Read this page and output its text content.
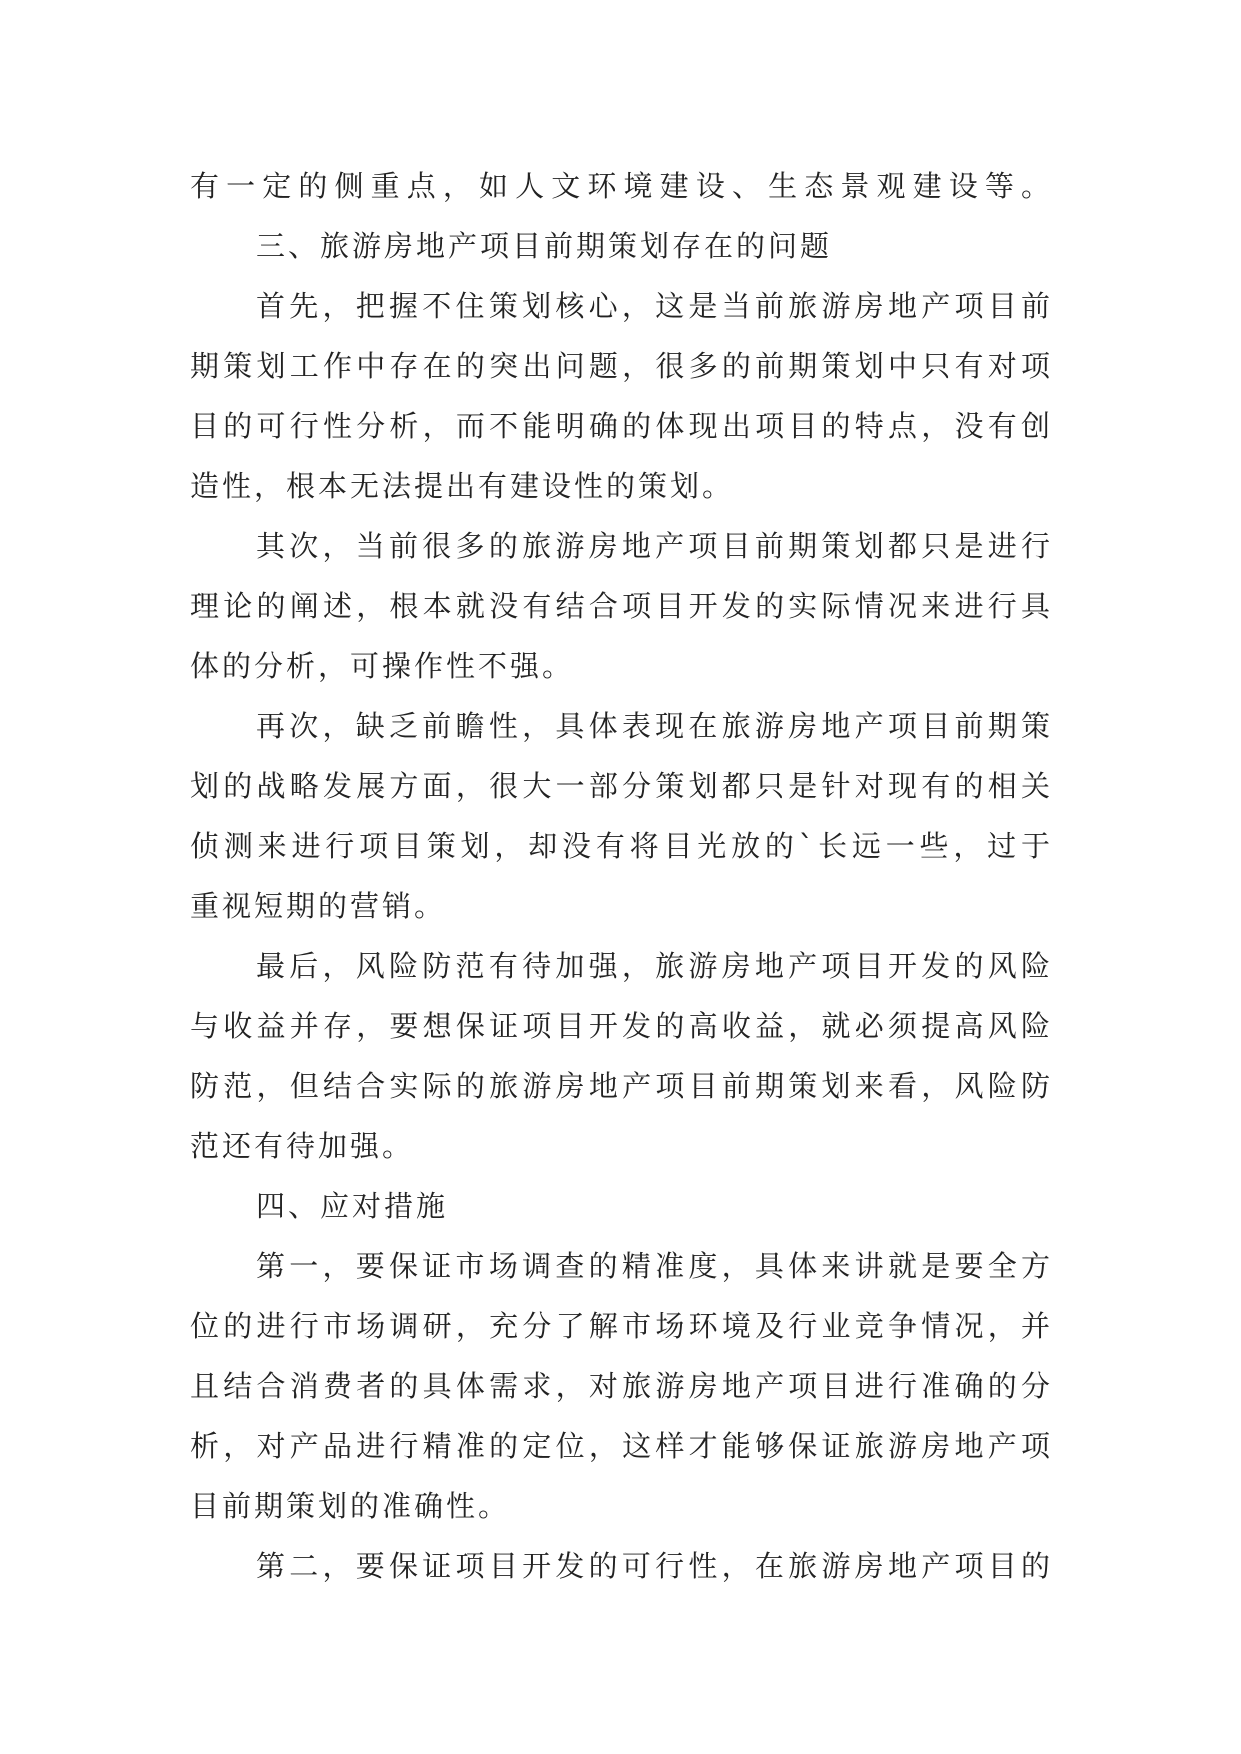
有一定的侧重点，如人文环境建设、生态景观建设等。
三、旅游房地产项目前期策划存在的问题
首先，把握不住策划核心，这是当前旅游房地产项目前
期策划工作中存在的突出问题，很多的前期策划中只有对项
目的可行性分析，而不能明确的体现出项目的特点，没有创
造性，根本无法提出有建设性的策划。
其次，当前很多的旅游房地产项目前期策划都只是进行
理论的阐述，根本就没有结合项目开发的实际情况来进行具
体的分析，可操作性不强。
再次，缺乏前瞻性，具体表现在旅游房地产项目前期策
划的战略发展方面，很大一部分策划都只是针对现有的相关
侦测来进行项目策划，却没有将目光放的`长远一些，过于
重视短期的营销。
最后，风险防范有待加强，旅游房地产项目开发的风险
与收益并存，要想保证项目开发的高收益，就必须提高风险
防范，但结合实际的旅游房地产项目前期策划来看，风险防
范还有待加强。
四、应对措施
第一，要保证市场调查的精准度，具体来讲就是要全方
位的进行市场调研，充分了解市场环境及行业竞争情况，并
且结合消费者的具体需求，对旅游房地产项目进行准确的分
析，对产品进行精准的定位，这样才能够保证旅游房地产项
目前期策划的准确性。
第二，要保证项目开发的可行性，在旅游房地产项目的
